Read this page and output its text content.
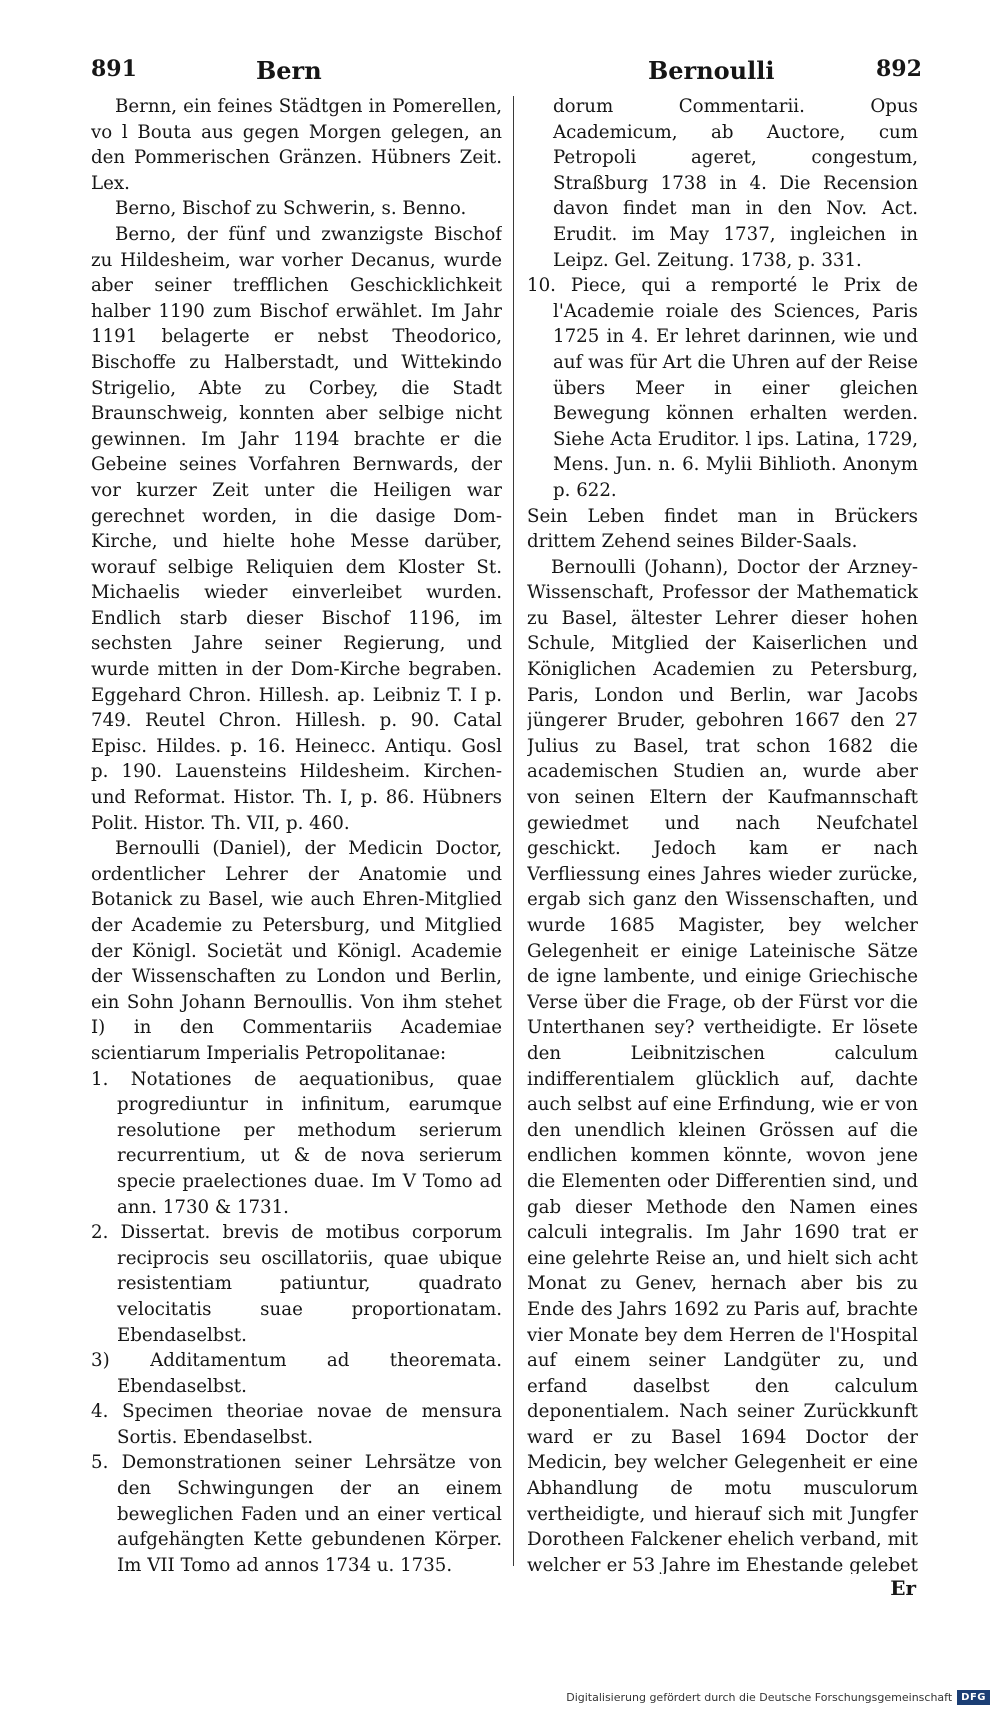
891	Bern	Bernoulli	892

Bernn, ein feines Städtgen in Pomerellen, vo l Bouta aus gegen Morgen gelegen, an den Pommerischen Gränzen. Hübners Zeit. Lex.

Berno, Bischof zu Schwerin, s. Benno.

Berno, der fünf und zwanzigste Bischof zu Hildesheim, war vorher Decanus, wurde aber seiner trefflichen Geschicklichkeit halber 1190 zum Bischof erwählet. Im Jahr 1191 belagerte er nebst Theodorico, Bischoffe zu Halberstadt, und Wittekindo Strigelio, Abte zu Corbey, die Stadt Braunschweig, konnten aber selbige nicht gewinnen. Im Jahr 1194 brachte er die Gebeine seines Vorfahren Bernwards, der vor kurzer Zeit unter die Heiligen war gerechnet worden, in die dasige Dom-Kirche, und hielte hohe Messe darüber, worauf selbige Reliquien dem Kloster St. Michaelis wieder einverleibet wurden. Endlich starb dieser Bischof 1196, im sechsten Jahre seiner Regierung, und wurde mitten in der Dom-Kirche begraben. Eggehard Chron. Hillesh. ap. Leibniz T. I p. 749. Reutel Chron. Hillesh. p. 90. Catal Episc. Hildes. p. 16. Heinecc. Antiqu. Gosl p. 190. Lauensteins Hildesheim. Kirchen-und Reformat. Histor. Th. I, p. 86. Hübners Polit. Histor. Th. VII, p. 460.

Bernoulli (Daniel), der Medicin Doctor, ordentlicher Lehrer der Anatomie und Botanick zu Basel, wie auch Ehren-Mitglied der Academie zu Petersburg, und Mitglied der Königl. Societät und Königl. Academie der Wissenschaften zu London und Berlin, ein Sohn Johann Bernoullis. Von ihm stehet I) in den Commentariis Academiae scientiarum Imperialis Petropolitanae:

1. Notationes de aequationibus, quae progrediuntur in infinitum, earumque resolutione per methodum serierum recurrentium, ut & de nova serierum specie praelectiones duae. Im V Tomo ad ann. 1730 & 1731.

2. Dissertat. brevis de motibus corporum reciprocis seu oscillatoriis, quae ubique resistentiam patiuntur, quadrato velocitatis suae proportionatam. Ebendaselbst.

3) Additamentum ad theoremata. Ebendaselbst.

4. Specimen theoriae novae de mensura Sortis. Ebendaselbst.

5. Demonstrationen seiner Lehrsätze von den Schwingungen der an einem beweglichen Faden und an einer vertical aufgehängten Kette gebundenen Körper. Im VII Tomo ad annos 1734 u. 1735.

dorum Commentarii. Opus Academicum, ab Auctore, cum Petropoli ageret, congestum, Straßburg 1738 in 4. Die Recension davon findet man in den Nov. Act. Erudit. im May 1737, ingleichen in Leipz. Gel. Zeitung. 1738, p. 331.

10. Piece, qui a remporté le Prix de l'Academie roiale des Sciences, Paris 1725 in 4. Er lehret darinnen, wie und auf was für Art die Uhren auf der Reise übers Meer in einer gleichen Bewegung können erhalten werden. Siehe Acta Eruditor. l ips. Latina, 1729, Mens. Jun. n. 6. Mylii Bihlioth. Anonym p. 622.

Sein Leben findet man in Brückers drittem Zehend seines Bilder-Saals.

Bernoulli (Johann), Doctor der Arzney-Wissenschaft, Professor der Mathematick zu Basel, ältester Lehrer dieser hohen Schule, Mitglied der Kaiserlichen und Königlichen Academien zu Petersburg, Paris, London und Berlin, war Jacobs jüngerer Bruder, gebohren 1667 den 27 Julius zu Basel, trat schon 1682 die academischen Studien an, wurde aber von seinen Eltern der Kaufmannschaft gewiedmet und nach Neufchatel geschickt. Jedoch kam er nach Verfliessung eines Jahres wieder zurücke, ergab sich ganz den Wissenschaften, und wurde 1685 Magister, bey welcher Gelegenheit er einige Lateinische Sätze de igne lambente, und einige Griechische Verse über die Frage, ob der Fürst vor die Unterthanen sey? vertheidigte. Er lösete den Leibnitzischen calculum indifferentialem glücklich auf, dachte auch selbst auf eine Erfindung, wie er von den unendlich kleinen Grössen auf die endlichen kommen könnte, wovon jene die Elementen oder Differentien sind, und gab dieser Methode den Namen eines calculi integralis. Im Jahr 1690 trat er eine gelehrte Reise an, und hielt sich acht Monat zu Genev, hernach aber bis zu Ende des Jahrs 1692 zu Paris auf, brachte vier Monate bey dem Herren de l'Hospital auf einem seiner Landgüter zu, und erfand daselbst den calculum deponentialem. Nach seiner Zurückkunft ward er zu Basel 1694 Doctor der Medicin, bey welcher Gelegenheit er eine Abhandlung de motu musculorum vertheidigte, und hierauf sich mit Jungfer Dorotheen Falckener ehelich verband, mit welcher er 53 Jahre im Ehestande gelebet

Er
Digitalisierung gefördert durch die Deutsche Forschungsgemeinschaft DFG
